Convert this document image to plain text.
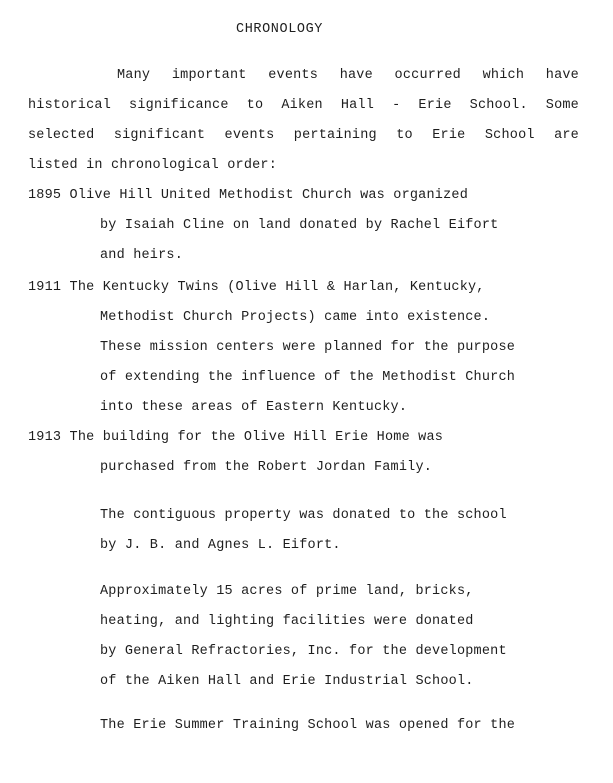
CHRONOLOGY
Many important events have occurred which have
historical significance to Aiken Hall - Erie School. Some
selected significant events pertaining to Erie School are
listed in chronological order:
1895 Olive Hill United Methodist Church was organized
by Isaiah Cline on land donated by Rachel Eifort
and heirs.
1911 The Kentucky Twins (Olive Hill & Harlan, Kentucky,
Methodist Church Projects) came into existence.
These mission centers were planned for the purpose
of extending the influence of the Methodist Church
into these areas of Eastern Kentucky.
1913 The building for the Olive Hill Erie Home was
purchased from the Robert Jordan Family.
The contiguous property was donated to the school
by J. B. and Agnes L. Eifort.
Approximately 15 acres of prime land, bricks,
heating, and lighting facilities were donated
by General Refractories, Inc. for the development
of the Aiken Hall and Erie Industrial School.
The Erie Summer Training School was opened for the
